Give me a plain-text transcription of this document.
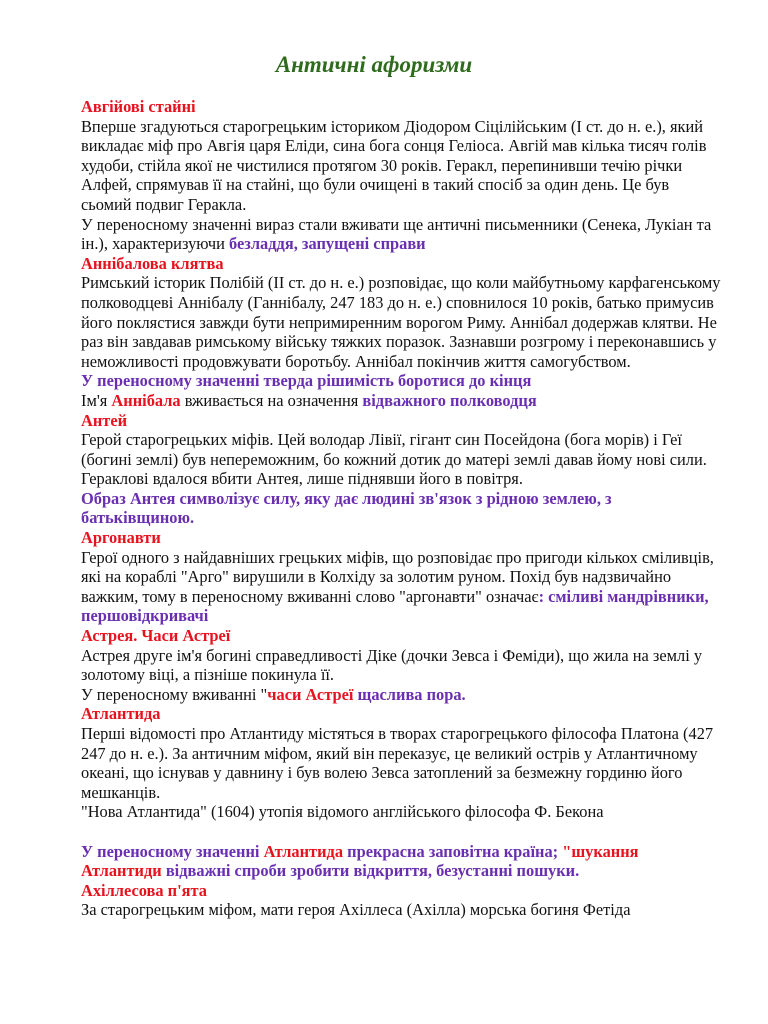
Античні афоризми

Авгійові стайні

Вперше згадуються старогрецьким істориком Діодором Сіцілійським (І ст. до н. е.), який викладає міф про Авгія царя Еліди, сина бога сонця Геліоса. Авгій мав кілька тисяч голів худоби, стійла якої не чистилися протягом 30 років. Геракл, перепинивши течію річки Алфей, спрямував її на стайні, що були очищені в такий спосіб за один день. Це був сьомий подвиг Геракла.

У переносному значенні вираз стали вживати ще античні письменники (Сенека, Лукіан та ін.), характеризуючи безладдя, запущені справи

Аннібалова клятва

Римський історик Полібій (II ст. до н. е.) розповідає, що коли майбутньому карфагенському полководцеві Аннібалу (Ганнібалу, 247 183 до н. е.) сповнилося 10 років, батько примусив його поклястися завжди бути непримиренним ворогом Риму. Аннібал додержав клятви. Не раз він завдавав римському війську тяжких поразок. Зазнавши розгрому і переконавшись у неможливості продовжувати боротьбу. Аннібал покінчив життя самогубством.

У переносному значенні тверда рішимість боротися до кінця

Ім'я Аннібала вживається на означення відважного полководця

Антей

Герой старогрецьких міфів. Цей володар Лівії, гігант син Посейдона (бога морів) і Геї (богині землі) був непереможним, бо кожний дотик до матері землі давав йому нові сили. Гераклові вдалося вбити Антея, лише піднявши його в повітря.

Образ Антея символізує силу, яку дає людині зв'язок з рідною землею, з батьківщиною.

Аргонавти

Герої одного з найдавніших грецьких міфів, що розповідає про пригоди кількох сміливців, які на кораблі "Арго" вирушили в Колхіду за золотим руном. Похід був надзвичайно важким, тому в переносному вживанні слово "аргонавти" означає: сміливі мандрівники, першовідкривачі

Астрея. Часи Астреї

Астрея друге ім'я богині справедливості Діке (дочки Зевса і Феміди), що жила на землі у золотому віці, а пізніше покинула її.

У переносному вживанні "часи Астреї щаслива пора.

Атлантида

Перші відомості про Атлантиду містяться в творах старогрецького філософа Платона (427 247 до н. е.). За античним міфом, який він переказує, це великий острів у Атлантичному океані, що існував у давнину і був волею Зевса затоплений за безмежну гординю його мешканців.

"Нова Атлантида" (1604) утопія відомого англійського філософа Ф. Бекона

У переносному значенні Атлантида прекрасна заповітна країна; "шукання Атлантиди відважні спроби зробити відкриття, безустанні пошуки.

Ахіллесова п'ята

За старогрецьким міфом, мати героя Ахіллеса (Ахілла) морська богиня Фетіда
